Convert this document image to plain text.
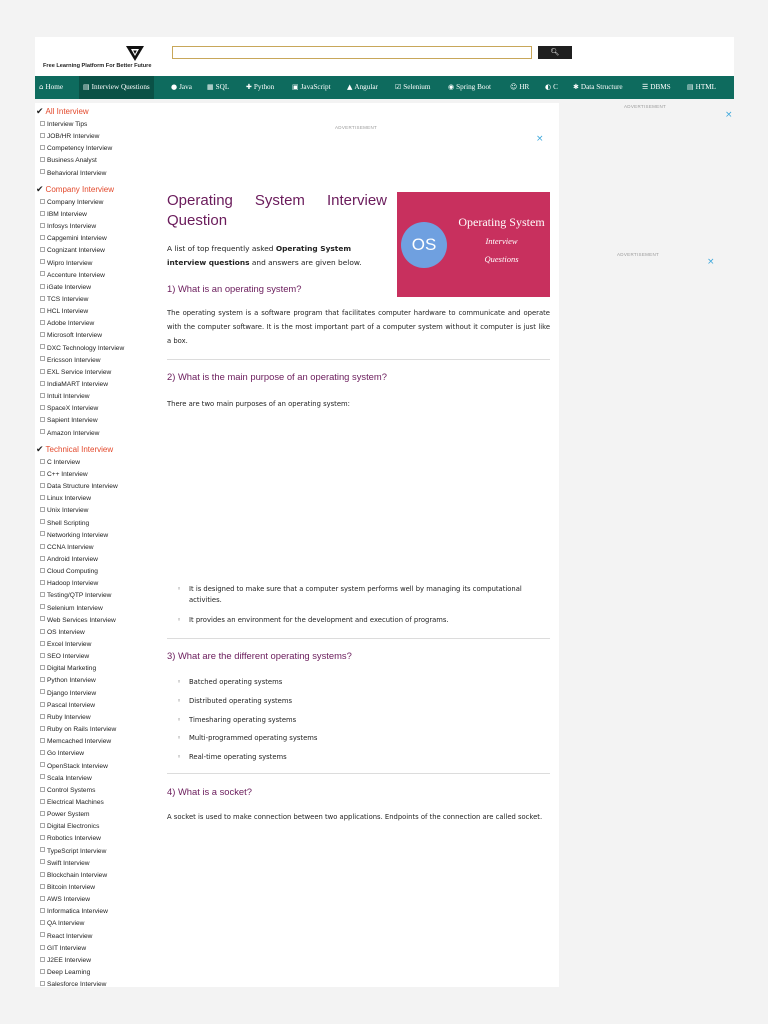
Free Learning Platform For Better Future
🔍︎
⌂ Home	▤ Interview Questions	● Java ▦ SQL ✚ Python	▣ JavaScript ▲ Angular ☑ Selenium	◉ Spring Boot	☺ HR ◐ C ✱ Data Structure	☰ DBMS ▤ HTML
✔ All Interview
Interview Tips
JOB/HR Interview
Competency Interview
Business Analyst
Behavioral Interview
✔ Company Interview
Company Interview
IBM Interview
Infosys Interview
Capgemini Interview
Cognizant Interview
Wipro Interview
Accenture Interview
iGate Interview
TCS Interview
HCL Interview
Adobe Interview
Microsoft Interview
DXC Technology Interview
Ericsson Interview
EXL Service Interview
IndiaMART Interview
Intuit Interview
SpaceX Interview
Sapient Interview
Amazon Interview
✔ Technical Interview
C Interview
C++ Interview
Data Structure Interview
Linux Interview
Unix Interview
Shell Scripting
Networking Interview
CCNA Interview
Android Interview
Cloud Computing
Hadoop Interview
Testing/QTP Interview
Selenium Interview
Web Services Interview
OS Interview
Excel Interview
SEO Interview
Digital Marketing
Python Interview
Django Interview
Pascal Interview
Ruby Interview
Ruby on Rails Interview
Memcached Interview
Go Interview
OpenStack Interview
Scala Interview
Control Systems
Electrical Machines
Power System
Digital Electronics
Robotics Interview
TypeScript Interview
Swift Interview
Blockchain Interview
Bitcoin Interview
AWS Interview
Informatica Interview
QA Interview
React Interview
GIT Interview
J2EE Interview
Deep Learning
Salesforce Interview
ADVERTISEMENT
×
Operating System Interview Question
A list of top frequently asked Operating System interview questions and answers are given below.
OS
Operating System
Interview
Questions
1) What is an operating system?
The operating system is a software program that facilitates computer hardware to communicate and operate with the computer software. It is the most important part of a computer system without it computer is just like a box.
2) What is the main purpose of an operating system?
There are two main purposes of an operating system:
◦ It is designed to make sure that a computer system performs well by managing its computational activities.
◦ It provides an environment for the development and execution of programs.
3) What are the different operating systems?
◦ Batched operating systems
◦ Distributed operating systems
◦ Timesharing operating systems
◦ Multi-programmed operating systems
◦ Real-time operating systems
4) What is a socket?
A socket is used to make connection between two applications. Endpoints of the connection are called socket.
ADVERTISEMENT
×
ADVERTISEMENT
×
